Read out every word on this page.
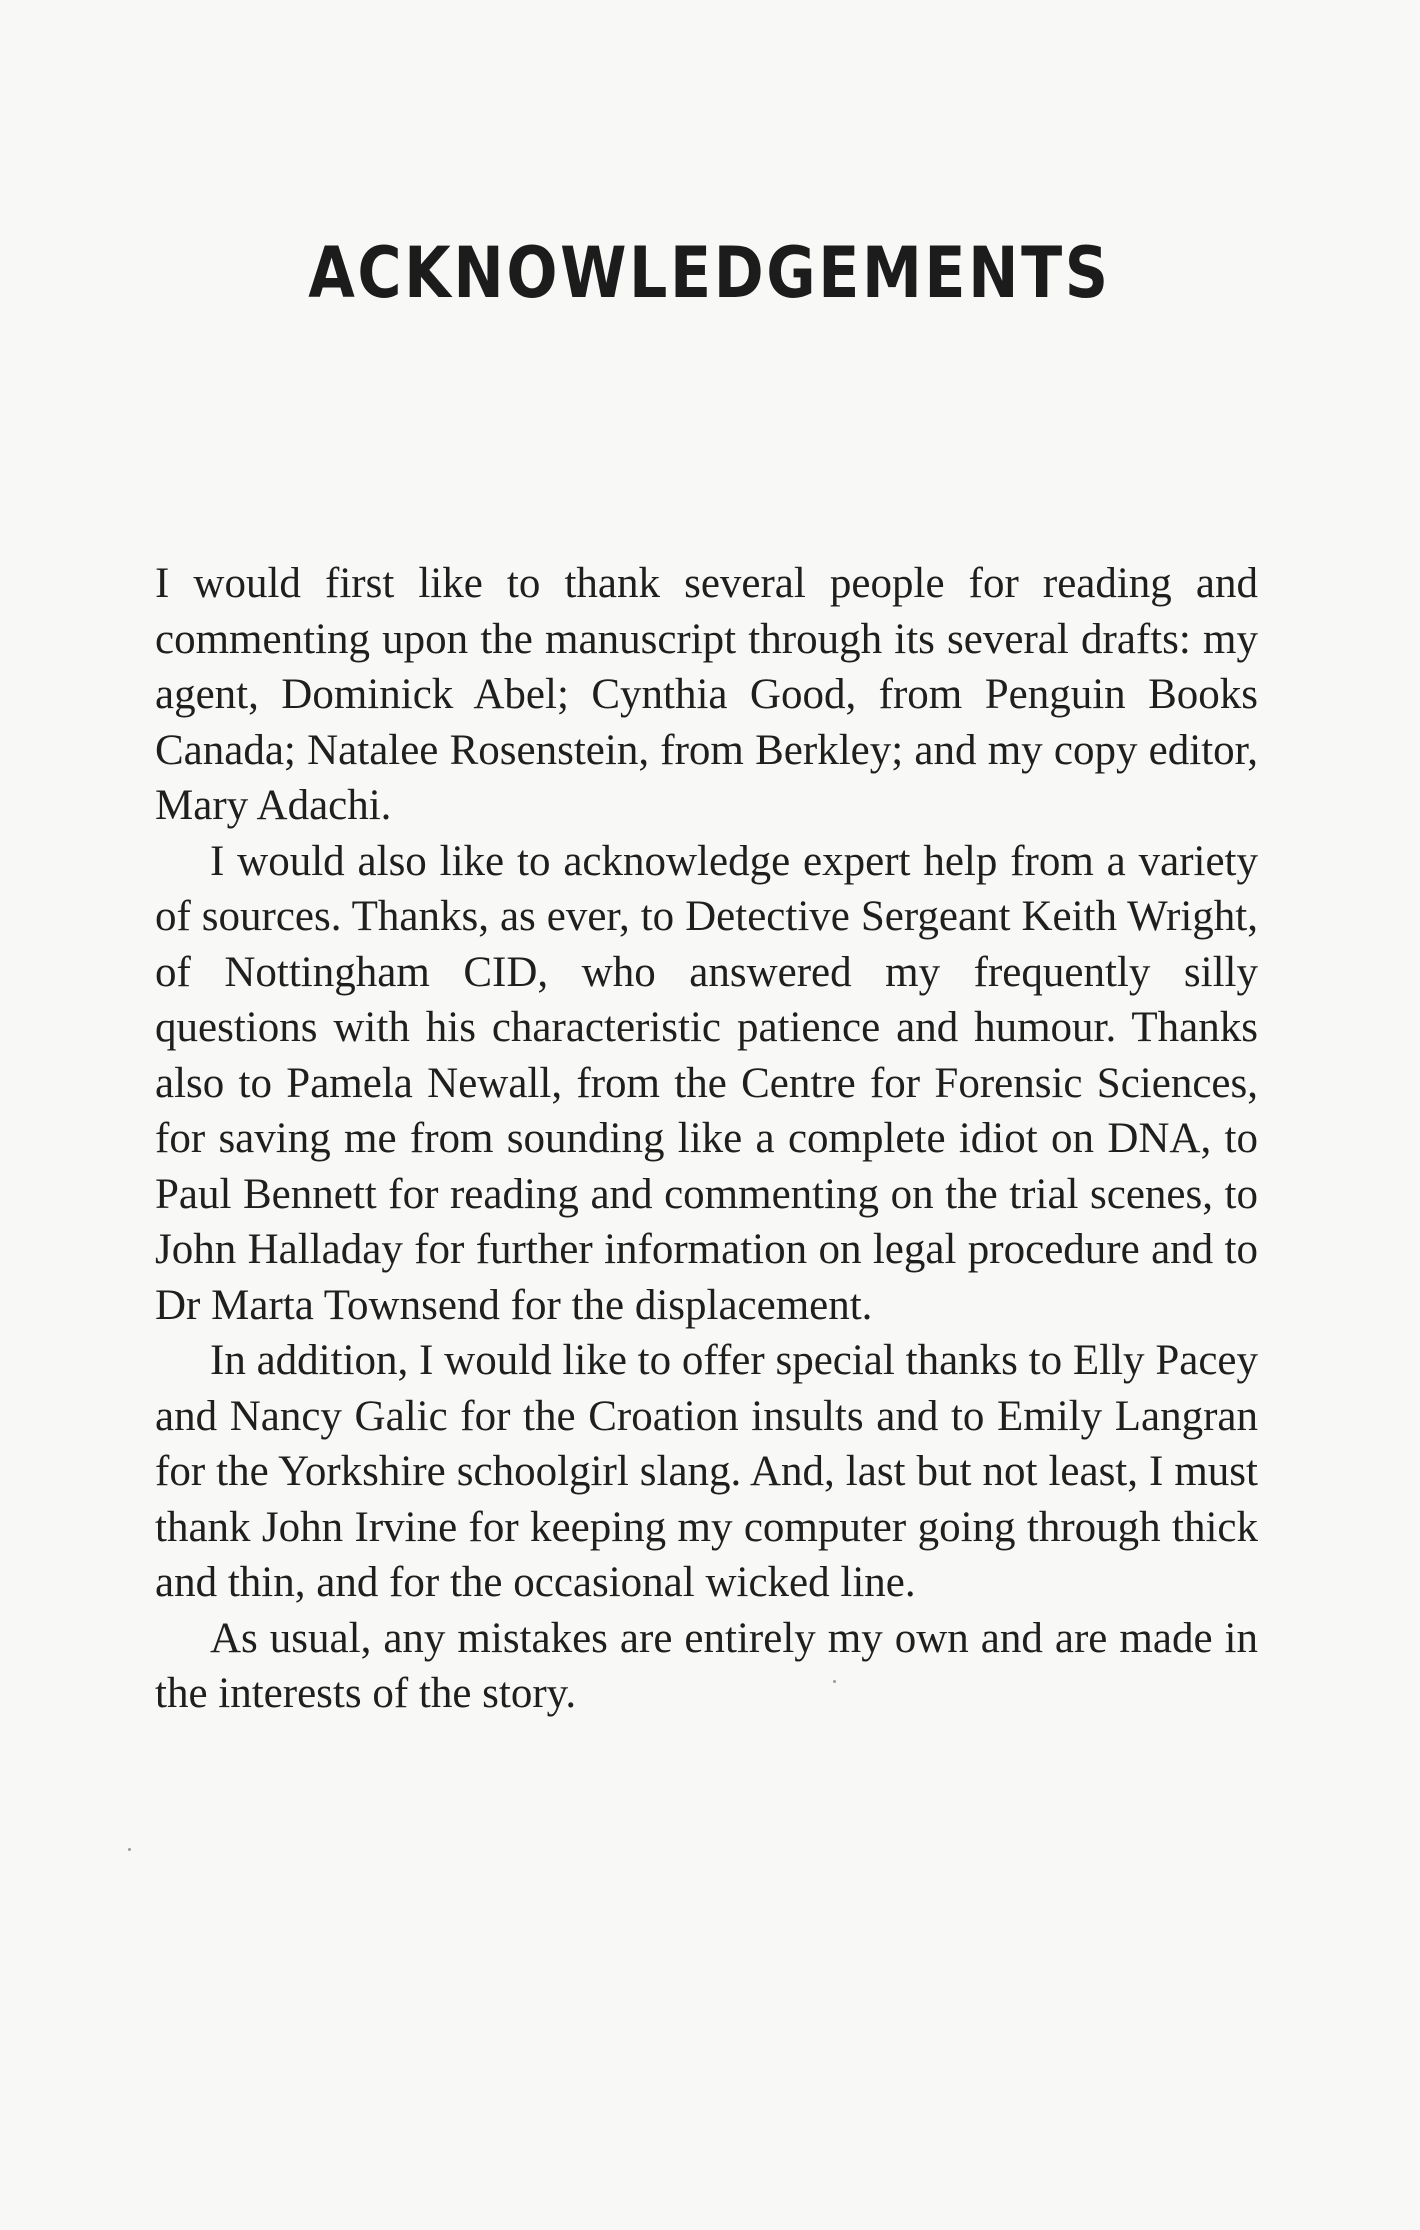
ACKNOWLEDGEMENTS

I would first like to thank several people for reading and commenting upon the manuscript through its several drafts: my agent, Dominick Abel; Cynthia Good, from Penguin Books Canada; Natalee Rosenstein, from Berkley; and my copy editor, Mary Adachi.

I would also like to acknowledge expert help from a variety of sources. Thanks, as ever, to Detective Sergeant Keith Wright, of Nottingham CID, who answered my frequently silly questions with his characteristic patience and humour. Thanks also to Pamela Newall, from the Centre for Forensic Sciences, for saving me from sounding like a complete idiot on DNA, to Paul Bennett for reading and commenting on the trial scenes, to John Halladay for further information on legal procedure and to Dr Marta Townsend for the displacement.

In addition, I would like to offer special thanks to Elly Pacey and Nancy Galic for the Croation insults and to Emily Langran for the Yorkshire schoolgirl slang. And, last but not least, I must thank John Irvine for keeping my computer going through thick and thin, and for the occasional wicked line.

As usual, any mistakes are entirely my own and are made in the interests of the story.
